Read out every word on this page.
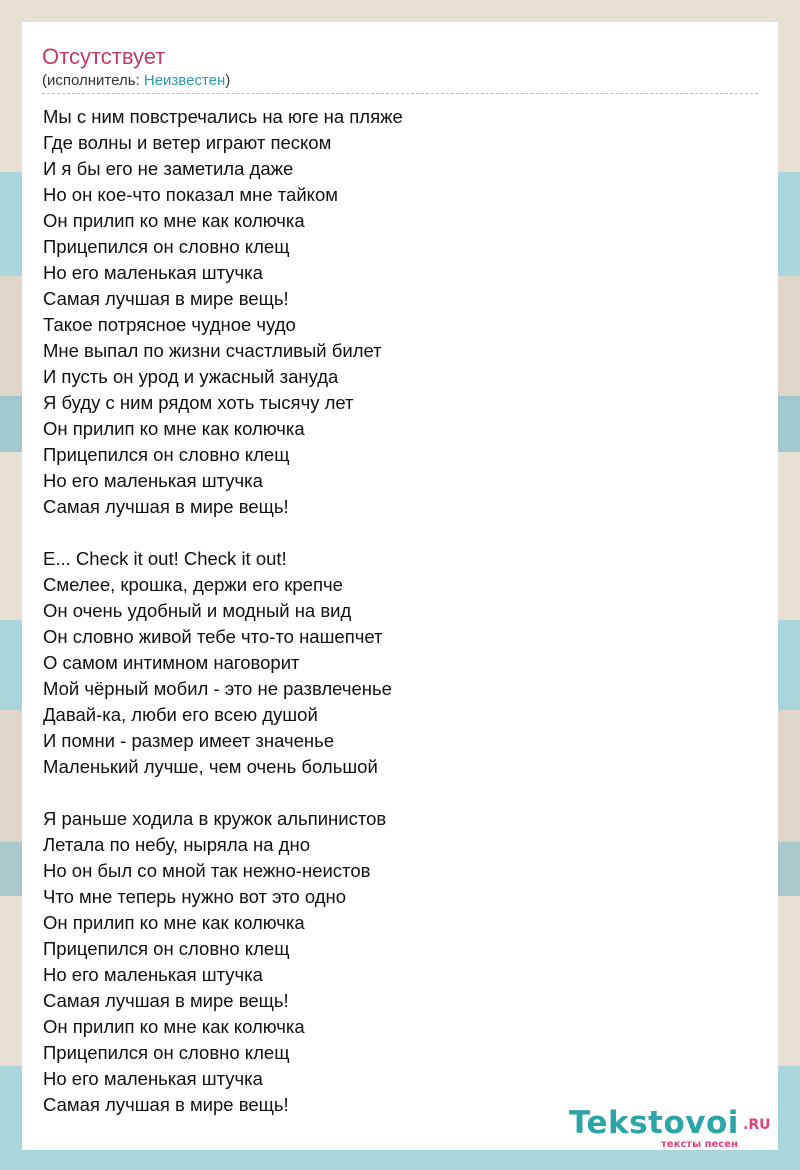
Отсутствует
(исполнитель: Неизвестен)
Мы с ним повстречались на юге на пляже
Где волны и ветер играют песком
И я бы его не заметила даже
Но он кое-что показал мне тайком
Он прилип ко мне как колючка
Прицепился он словно клещ
Но его маленькая штучка
Самая лучшая в мире вещь!
Такое потрясное чудное чудо
Мне выпал по жизни счастливый билет
И пусть он урод и ужасный зануда
Я буду с ним рядом хоть тысячу лет
Он прилип ко мне как колючка
Прицепился он словно клещ
Но его маленькая штучка
Самая лучшая в мире вещь!
E... Check it out! Check it out!
Смелее, крошка, держи его крепче
Он очень удобный и модный на вид
Он словно живой тебе что-то нашепчет
О самом интимном наговорит
Мой чёрный мобил - это не развлеченье
Давай-ка, люби его всею душой
И помни - размер имеет значенье
Маленький лучше, чем очень большой
Я раньше ходила в кружок альпинистов
Летала по небу, ныряла на дно
Но он был со мной так нежно-неистов
Что мне теперь нужно вот это одно
Он прилип ко мне как колючка
Прицепился он словно клещ
Но его маленькая штучка
Самая лучшая в мире вещь!
Он прилип ко мне как колючка
Прицепился он словно клещ
Но его маленькая штучка
Самая лучшая в мире вещь!
Tekstovoi .RU
тексты песен
